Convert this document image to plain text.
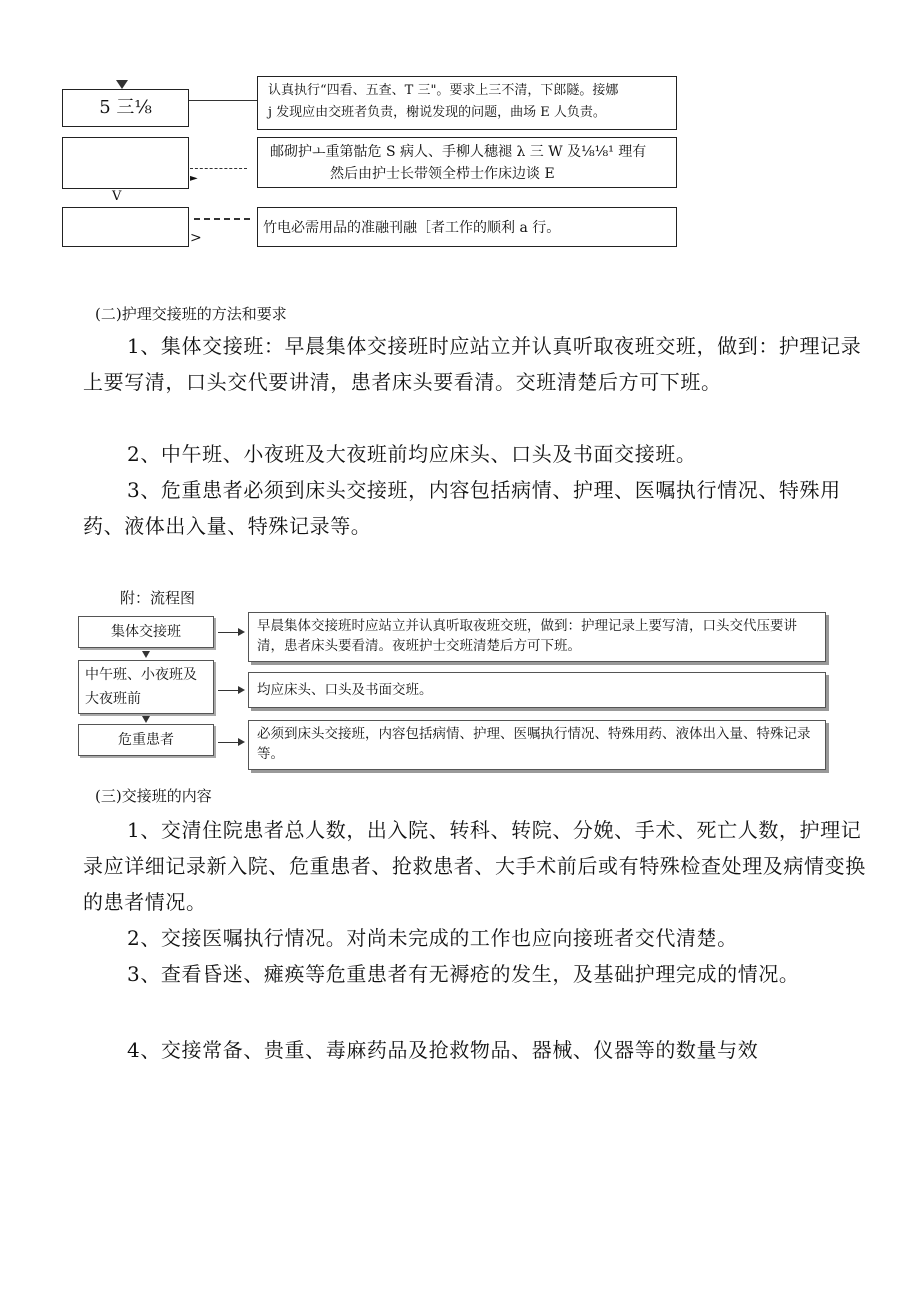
5 三⅛
认真执行“四看、五查、T 三"。要求上三不清，下郎隧。接娜
j 发现应由交班者负责，榭说发现的问题，曲场 E 人负责。
►
邮砌护ㅗ重第骷危 S 病人、手柳人穗褪 λ 三 W 及⅛⅛¹ 理有
然后由护士长带领全栉士作床边谈 E
V
>
竹电必需用品的准融刊融［者工作的顺利 a 行。
(二)护理交接班的方法和要求
1、集体交接班：早晨集体交接班时应站立并认真听取夜班交班，做到：护理记录上要写清，口头交代要讲清，患者床头要看清。交班清楚后方可下班。
2、中午班、小夜班及大夜班前均应床头、口头及书面交接班。
3、危重患者必须到床头交接班，内容包括病情、护理、医嘱执行情况、特殊用药、液体出入量、特殊记录等。
附：流程图
集体交接班	早晨集体交接班时应站立并认真听取夜班交班，做到：护理记录上要写清，口头交代压要讲清，患者床头要看清。夜班护士交班清楚后方可下班。
中午班、小夜班及大夜班前
均应床头、口头及书面交班。
危重患者	必须到床头交接班，内容包括病情、护理、医嘱执行情况、特殊用药、液体出入量、特殊记录等。
(三)交接班的内容
1、交清住院患者总人数，出入院、转科、转院、分娩、手术、死亡人数，护理记录应详细记录新入院、危重患者、抢救患者、大手术前后或有特殊检查处理及病情变换的患者情况。
2、交接医嘱执行情况。对尚未完成的工作也应向接班者交代清楚。
3、查看昏迷、瘫痪等危重患者有无褥疮的发生，及基础护理完成的情况。
4、交接常备、贵重、毒麻药品及抢救物品、器械、仪器等的数量与效
